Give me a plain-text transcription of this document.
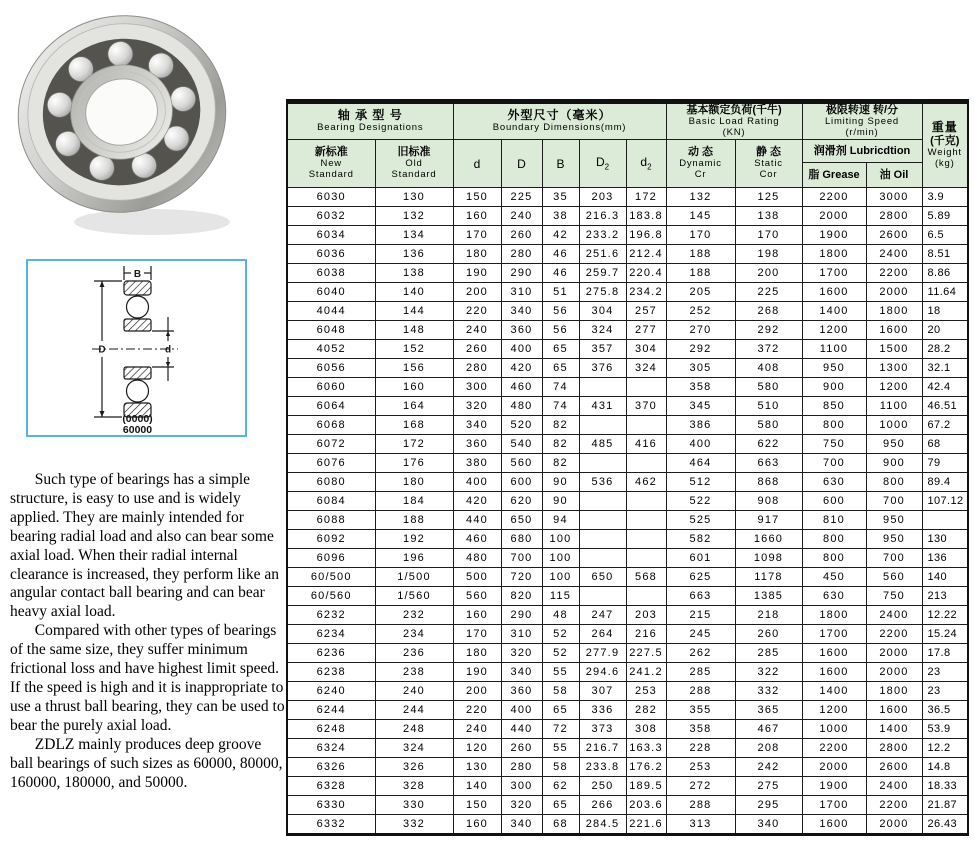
B
D	d
(0000)
60000

Such type of bearings has a simple structure, is easy to use and is widely applied. They are mainly intended for bearing radial load and also can bear some axial load. When their radial internal clearance is increased, they perform like an angular contact ball bearing and can bear heavy axial load.

Compared with other types of bearings of the same size, they suffer minimum frictional loss and have highest limit speed. If the speed is high and it is inappropriate to use a thrust ball bearing, they can be used to bear the purely axial load.

ZDLZ mainly produces deep groove ball bearings of such sizes as 60000, 80000, 160000, 180000, and 50000.

轴 承 型 号
Bearing Designations

外型尺寸（毫米）
Boundary Dimensions(mm)

基本额定负荷(千牛)
Basic Load Rating
(KN)

极限转速 转/分
Limiting Speed
(r/min)	重量
(千克)
Weight
(kg)

新标准
New
Standard

旧标准
Old
Standard
	d	D	B	$D_2$	$d_2$	
动 态
Dynamic
Cr

静 态
Static
Cor

润滑剂 Lubricdtion

									脂 Grease	油 Oil	

6030	130	150	225	35	203	172	132	125	2200	3000	3.9
6032	132	160	240	38	216.3	183.8	145	138	2000	2800	5.89
6034	134	170	260	42	233.2	196.8	170	170	1900	2600	6.5
6036	136	180	280	46	251.6	212.4	188	198	1800	2400	8.51
6038	138	190	290	46	259.7	220.4	188	200	1700	2200	8.86
6040	140	200	310	51	275.8	234.2	205	225	1600	2000	11.64
4044	144	220	340	56	304	257	252	268	1400	1800	18
6048	148	240	360	56	324	277	270	292	1200	1600	20
4052	152	260	400	65	357	304	292	372	1100	1500	28.2
6056	156	280	420	65	376	324	305	408	950	1300	32.1
6060	160	300	460	74			358	580	900	1200	42.4
6064	164	320	480	74	431	370	345	510	850	1100	46.51
6068	168	340	520	82			386	580	800	1000	67.2
6072	172	360	540	82	485	416	400	622	750	950	68
6076	176	380	560	82			464	663	700	900	79
6080	180	400	600	90	536	462	512	868	630	800	89.4
6084	184	420	620	90			522	908	600	700	107.12
6088	188	440	650	94			525	917	810	950	
6092	192	460	680	100			582	1660	800	950	130
6096	196	480	700	100			601	1098	800	700	136
60/500	1/500	500	720	100	650	568	625	1178	450	560	140
60/560	1/560	560	820	115			663	1385	630	750	213
6232	232	160	290	48	247	203	215	218	1800	2400	12.22
6234	234	170	310	52	264	216	245	260	1700	2200	15.24
6236	236	180	320	52	277.9	227.5	262	285	1600	2000	17.8
6238	238	190	340	55	294.6	241.2	285	322	1600	2000	23
6240	240	200	360	58	307	253	288	332	1400	1800	23
6244	244	220	400	65	336	282	355	365	1200	1600	36.5
6248	248	240	440	72	373	308	358	467	1000	1400	53.9
6324	324	120	260	55	216.7	163.3	228	208	2200	2800	12.2
6326	326	130	280	58	233.8	176.2	253	242	2000	2600	14.8
6328	328	140	300	62	250	189.5	272	275	1900	2400	18.33
6330	330	150	320	65	266	203.6	288	295	1700	2200	21.87
6332	332	160	340	68	284.5	221.6	313	340	1600	2000	26.43
